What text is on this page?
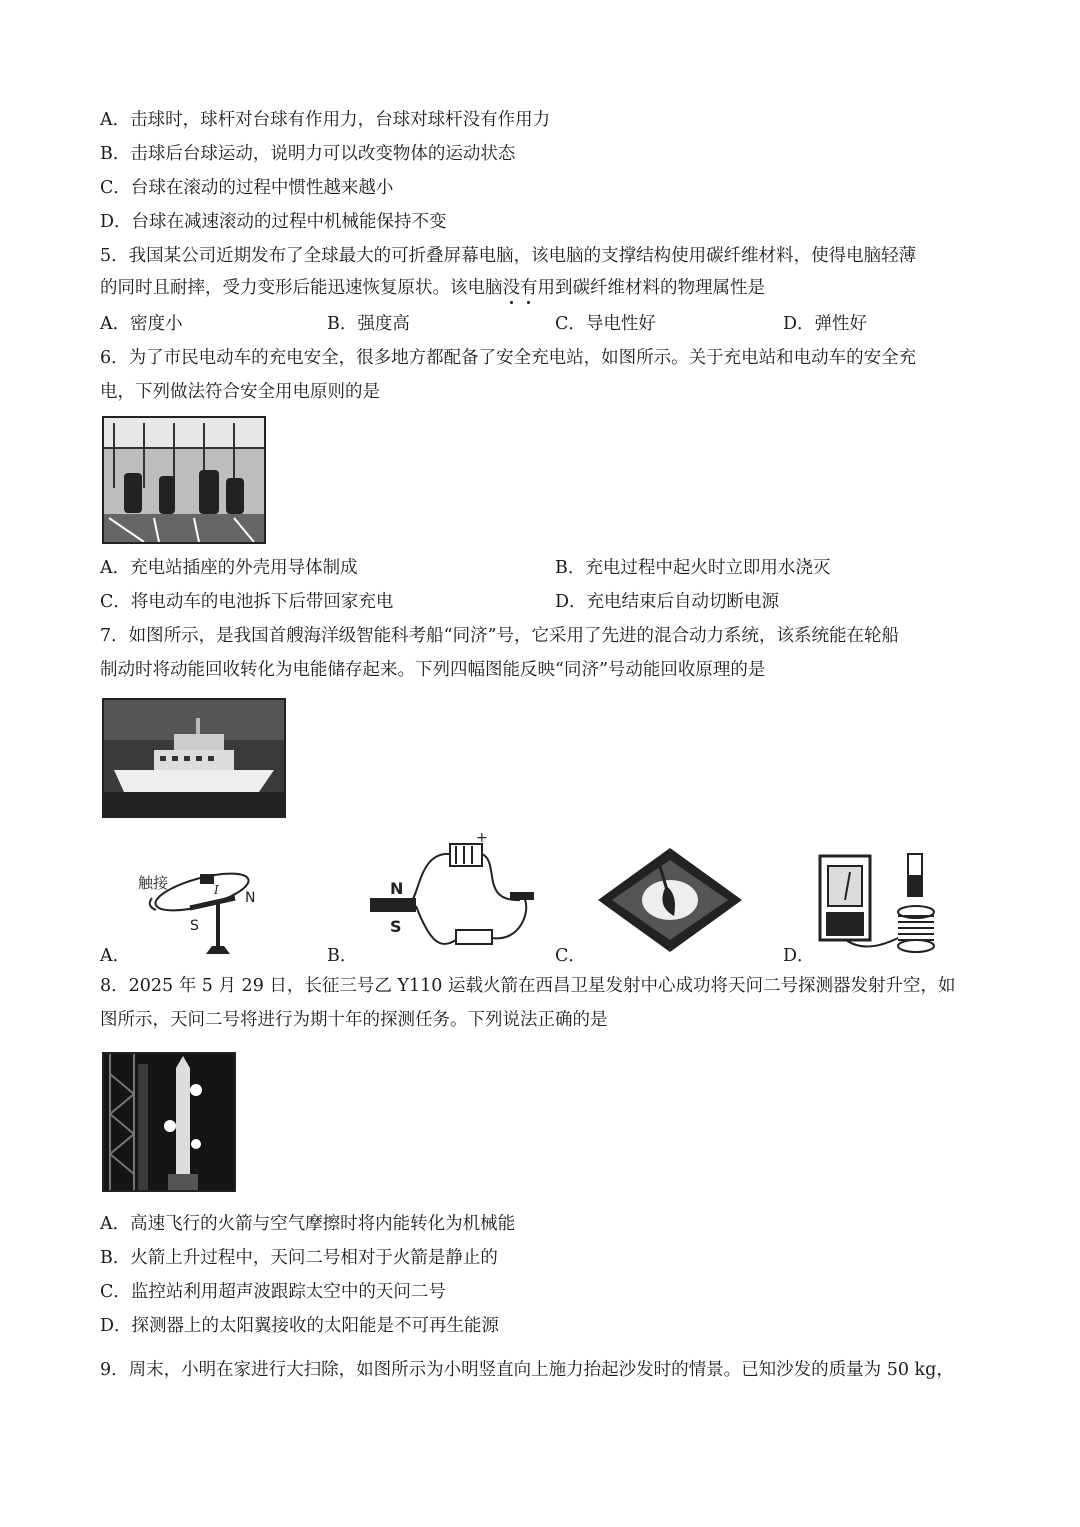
A．击球时，球杆对台球有作用力，台球对球杆没有作用力
B．击球后台球运动，说明力可以改变物体的运动状态
C．台球在滚动的过程中惯性越来越小
D．台球在减速滚动的过程中机械能保持不变
5．我国某公司近期发布了全球最大的可折叠屏幕电脑，该电脑的支撑结构使用碳纤维材料，使得电脑轻薄
的同时且耐摔，受力变形后能迅速恢复原状。该电脑没有用到碳纤维材料的物理属性是
A．密度小	B．强度高	C．导电性好	D．弹性好
6．为了市民电动车的充电安全，很多地方都配备了安全充电站，如图所示。关于充电站和电动车的安全充
电，下列做法符合安全用电原则的是
A．充电站插座的外壳用导体制成	B．充电过程中起火时立即用水浇灭
C．将电动车的电池拆下后带回家充电	D．充电结束后自动切断电源
7．如图所示，是我国首艘海洋级智能科考船“同济”号，它采用了先进的混合动力系统，该系统能在轮船
制动时将动能回收转化为电能储存起来。下列四幅图能反映“同济”号动能回收原理的是
触接
N
S
I
A．
+
N
S
B．	C．	D．
8．2025 年 5 月 29 日，长征三号乙 Y110 运载火箭在西昌卫星发射中心成功将天问二号探测器发射升空，如
图所示，天问二号将进行为期十年的探测任务。下列说法正确的是
A．高速飞行的火箭与空气摩擦时将内能转化为机械能
B．火箭上升过程中，天问二号相对于火箭是静止的
C．监控站利用超声波跟踪太空中的天问二号
D．探测器上的太阳翼接收的太阳能是不可再生能源
9．周末，小明在家进行大扫除，如图所示为小明竖直向上施力抬起沙发时的情景。已知沙发的质量为 50 kg，
